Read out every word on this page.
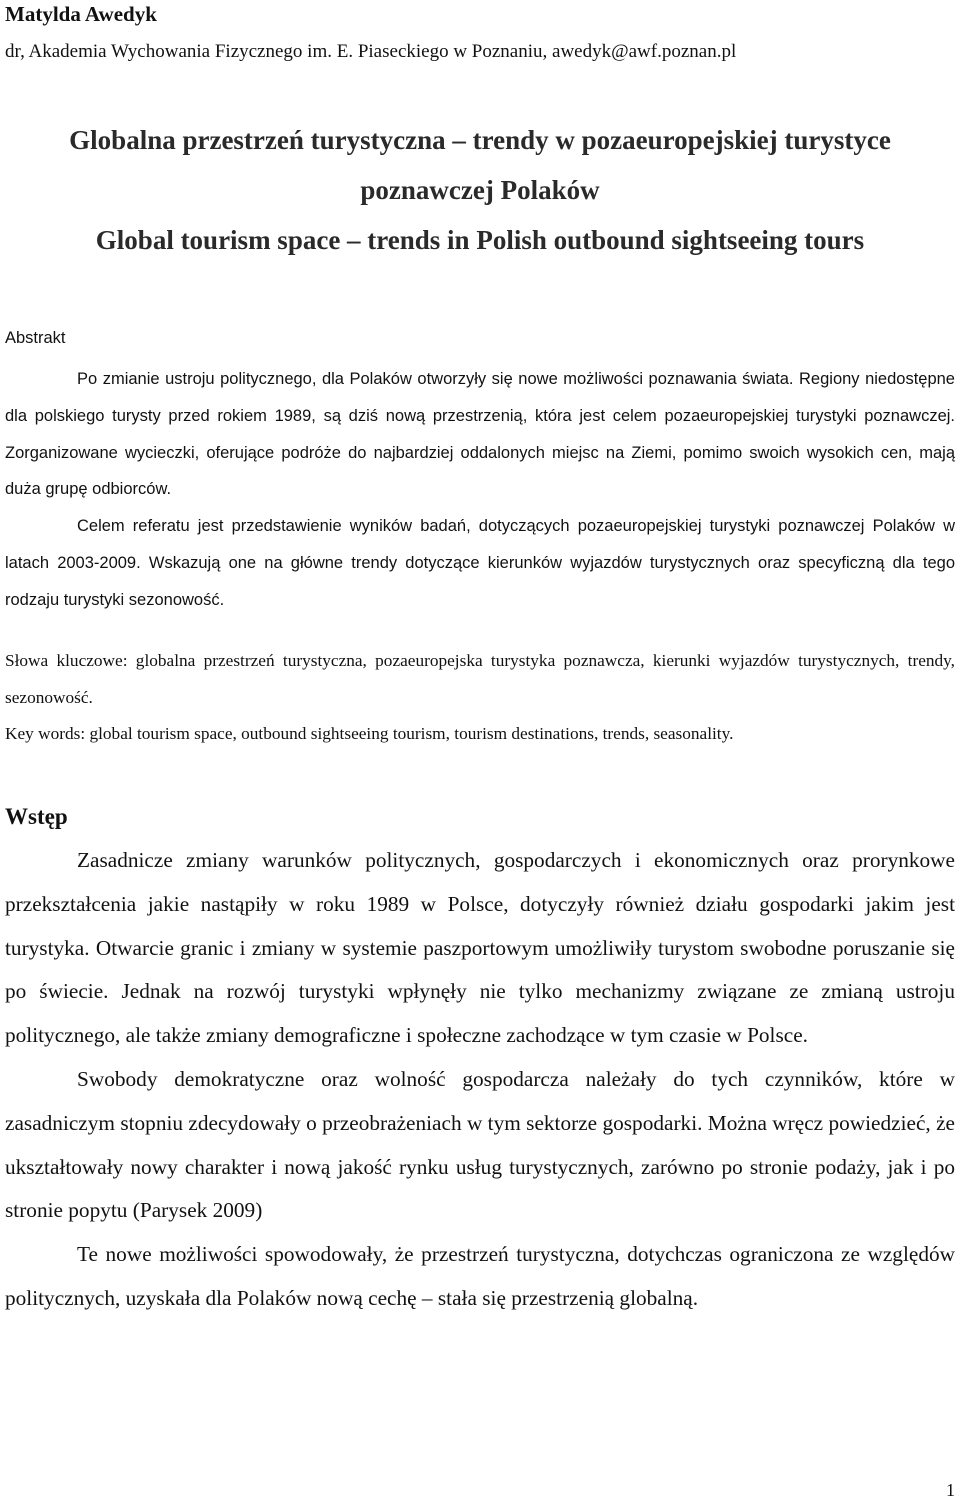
Matylda Awedyk
dr, Akademia Wychowania Fizycznego im. E. Piaseckiego w Poznaniu, awedyk@awf.poznan.pl
Globalna przestrzeń turystyczna – trendy w pozaeuropejskiej turystyce
poznawczej Polaków
Global tourism space – trends in Polish outbound sightseeing tours
Abstrakt

Po zmianie ustroju politycznego, dla Polaków otworzyły się nowe możliwości poznawania świata. Regiony niedostępne dla polskiego turysty przed rokiem 1989, są dziś nową przestrzenią, która jest celem pozaeuropejskiej turystyki poznawczej. Zorganizowane wycieczki, oferujące podróże do najbardziej oddalonych miejsc na Ziemi, pomimo swoich wysokich cen, mają duża grupę odbiorców.

Celem referatu jest przedstawienie wyników badań, dotyczących pozaeuropejskiej turystyki poznawczej Polaków w latach 2003-2009. Wskazują one na główne trendy dotyczące kierunków wyjazdów turystycznych oraz specyficzną dla tego rodzaju turystyki sezonowość.

Słowa kluczowe: globalna przestrzeń turystyczna, pozaeuropejska turystyka poznawcza, kierunki wyjazdów turystycznych, trendy, sezonowość.

Key words: global tourism space, outbound sightseeing tourism, tourism destinations, trends, seasonality.

Wstęp

Zasadnicze zmiany warunków politycznych, gospodarczych i ekonomicznych oraz prorynkowe przekształcenia jakie nastąpiły w roku 1989 w Polsce, dotyczyły również działu gospodarki jakim jest turystyka. Otwarcie granic i zmiany w systemie paszportowym umożliwiły turystom swobodne poruszanie się po świecie. Jednak na rozwój turystyki wpłynęły nie tylko mechanizmy związane ze zmianą ustroju politycznego, ale także zmiany demograficzne i społeczne zachodzące w tym czasie w Polsce.

Swobody demokratyczne oraz wolność gospodarcza należały do tych czynników, które w zasadniczym stopniu zdecydowały o przeobrażeniach w tym sektorze gospodarki. Można wręcz powiedzieć, że ukształtowały nowy charakter i nową jakość rynku usług turystycznych, zarówno po stronie podaży, jak i po stronie popytu (Parysek 2009)

Te nowe możliwości spowodowały, że przestrzeń turystyczna, dotychczas ograniczona ze względów politycznych, uzyskała dla Polaków nową cechę – stała się przestrzenią globalną.

1
